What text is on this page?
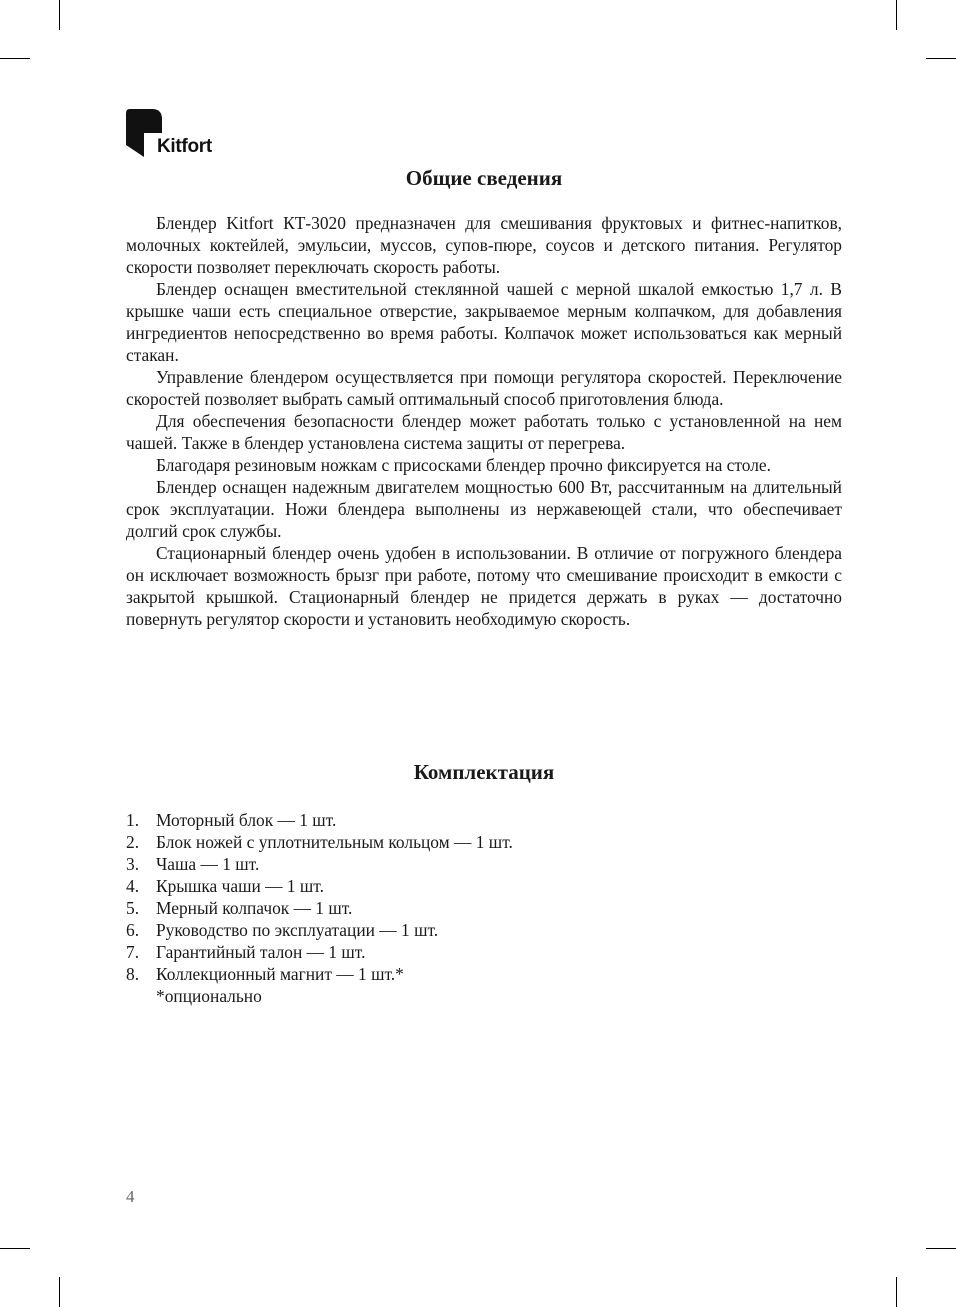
Kitfort
Общие сведения

Блендер Kitfort КТ-3020 предназначен для смешивания фруктовых и фитнес-напитков, молочных коктейлей, эмульсии, муссов, супов-пюре, соусов и детского питания. Регулятор скорости позволяет переключать скорость работы.

Блендер оснащен вместительной стеклянной чашей с мерной шкалой емкостью 1,7 л. В крышке чаши есть специальное отверстие, закрываемое мерным колпачком, для добавления ингредиентов непосредственно во время работы. Колпачок может использоваться как мерный стакан.

Управление блендером осуществляется при помощи регулятора скоростей. Переключение скоростей позволяет выбрать самый оптимальный способ приготовления блюда.

Для обеспечения безопасности блендер может работать только с установленной на нем чашей. Также в блендер установлена система защиты от перегрева.

Благодаря резиновым ножкам с присосками блендер прочно фиксируется на столе.

Блендер оснащен надежным двигателем мощностью 600 Вт, рассчитанным на длительный срок эксплуатации. Ножи блендера выполнены из нержавеющей стали, что обеспечивает долгий срок службы.

Стационарный блендер очень удобен в использовании. В отличие от погружного блендера он исключает возможность брызг при работе, потому что смешивание происходит в емкости с закрытой крышкой. Стационарный блендер не придется держать в руках — достаточно повернуть регулятор скорости и установить необходимую скорость.

Комплектация
1. Моторный блок — 1 шт.
2. Блок ножей с уплотнительным кольцом — 1 шт.
3. Чаша — 1 шт.
4. Крышка чаши — 1 шт.
5. Мерный колпачок — 1 шт.
6. Руководство по эксплуатации — 1 шт.
7. Гарантийный талон — 1 шт.
8. Коллекционный магнит — 1 шт.*
*опционально
4
